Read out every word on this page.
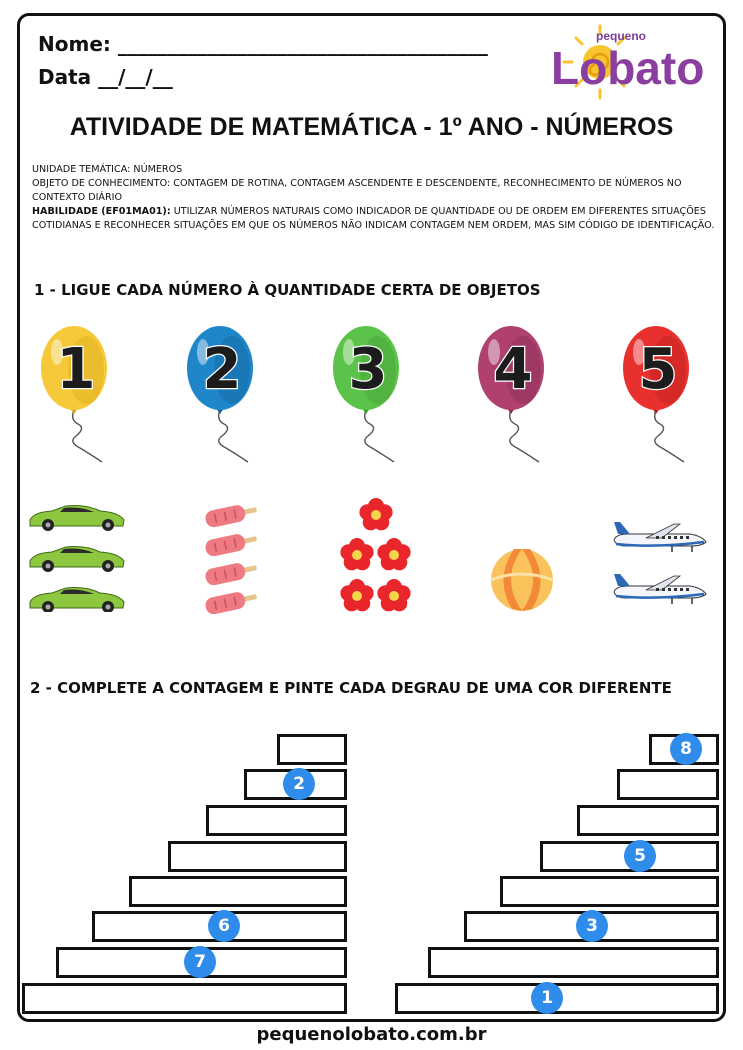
Nome: _____________________________________
Data __/__/__
pequeno
Lobato
ATIVIDADE DE MATEMÁTICA - 1º ANO - NÚMEROS
UNIDADE TEMÁTICA: NÚMEROS
OBJETO DE CONHECIMENTO: CONTAGEM DE ROTINA, CONTAGEM ASCENDENTE E DESCENDENTE, RECONHECIMENTO DE NÚMEROS NO CONTEXTO DIÁRIO
HABILIDADE (EF01MA01): UTILIZAR NÚMEROS NATURAIS COMO INDICADOR DE QUANTIDADE OU DE ORDEM EM DIFERENTES SITUAÇÕES COTIDIANAS E RECONHECER SITUAÇÕES EM QUE OS NÚMEROS NÃO INDICAM CONTAGEM NEM ORDEM, MAS SIM CÓDIGO DE IDENTIFICAÇÃO.
1 - LIGUE CADA NÚMERO À QUANTIDADE CERTA DE OBJETOS
1 2 3 4 5
2 - COMPLETE A CONTAGEM E PINTE CADA DEGRAU DE UMA COR DIFERENTE
2
6
7
8
5
3
1
pequenolobato.com.br
